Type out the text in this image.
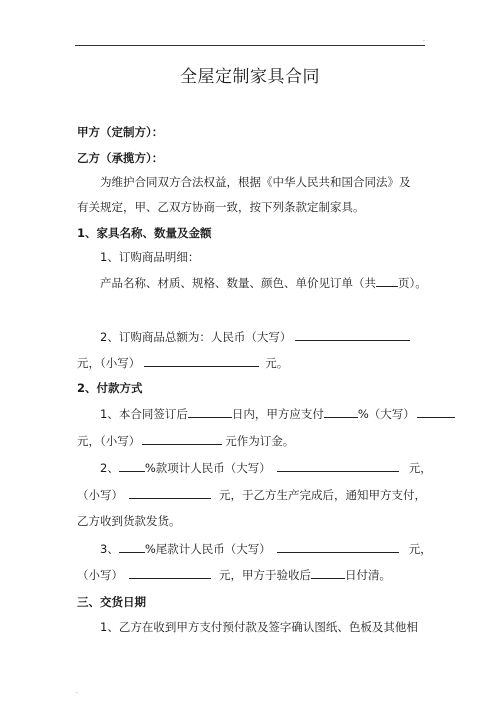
.
全屋定制家具合同
甲方（定制方）：
乙方（承揽方）：
为维护合同双方合法权益，根据《中华人民共和国合同法》及
有关规定，甲、乙双方协商一致，按下列条款定制家具。
1、家具名称、数量及金额
1、订购商品明细：
产品名称、材质、规格、数量、颜色、单价见订单（共 页）。
2、订购商品总额为：人民币（大写）
元，（小写）	元。
2、付款方式
1、本合同签订后	日内，甲方应支付	%（大写）
元，（小写）	元作为订金。
2、 %款项计人民币（大写）	元，
（小写）	元，于乙方生产完成后，通知甲方支付，
乙方收到货款发货。
3、 %尾款计人民币（大写）	元，
（小写）	元，甲方于验收后	日付清。
三、交货日期
1、乙方在收到甲方支付预付款及签字确认图纸、色板及其他相
.
